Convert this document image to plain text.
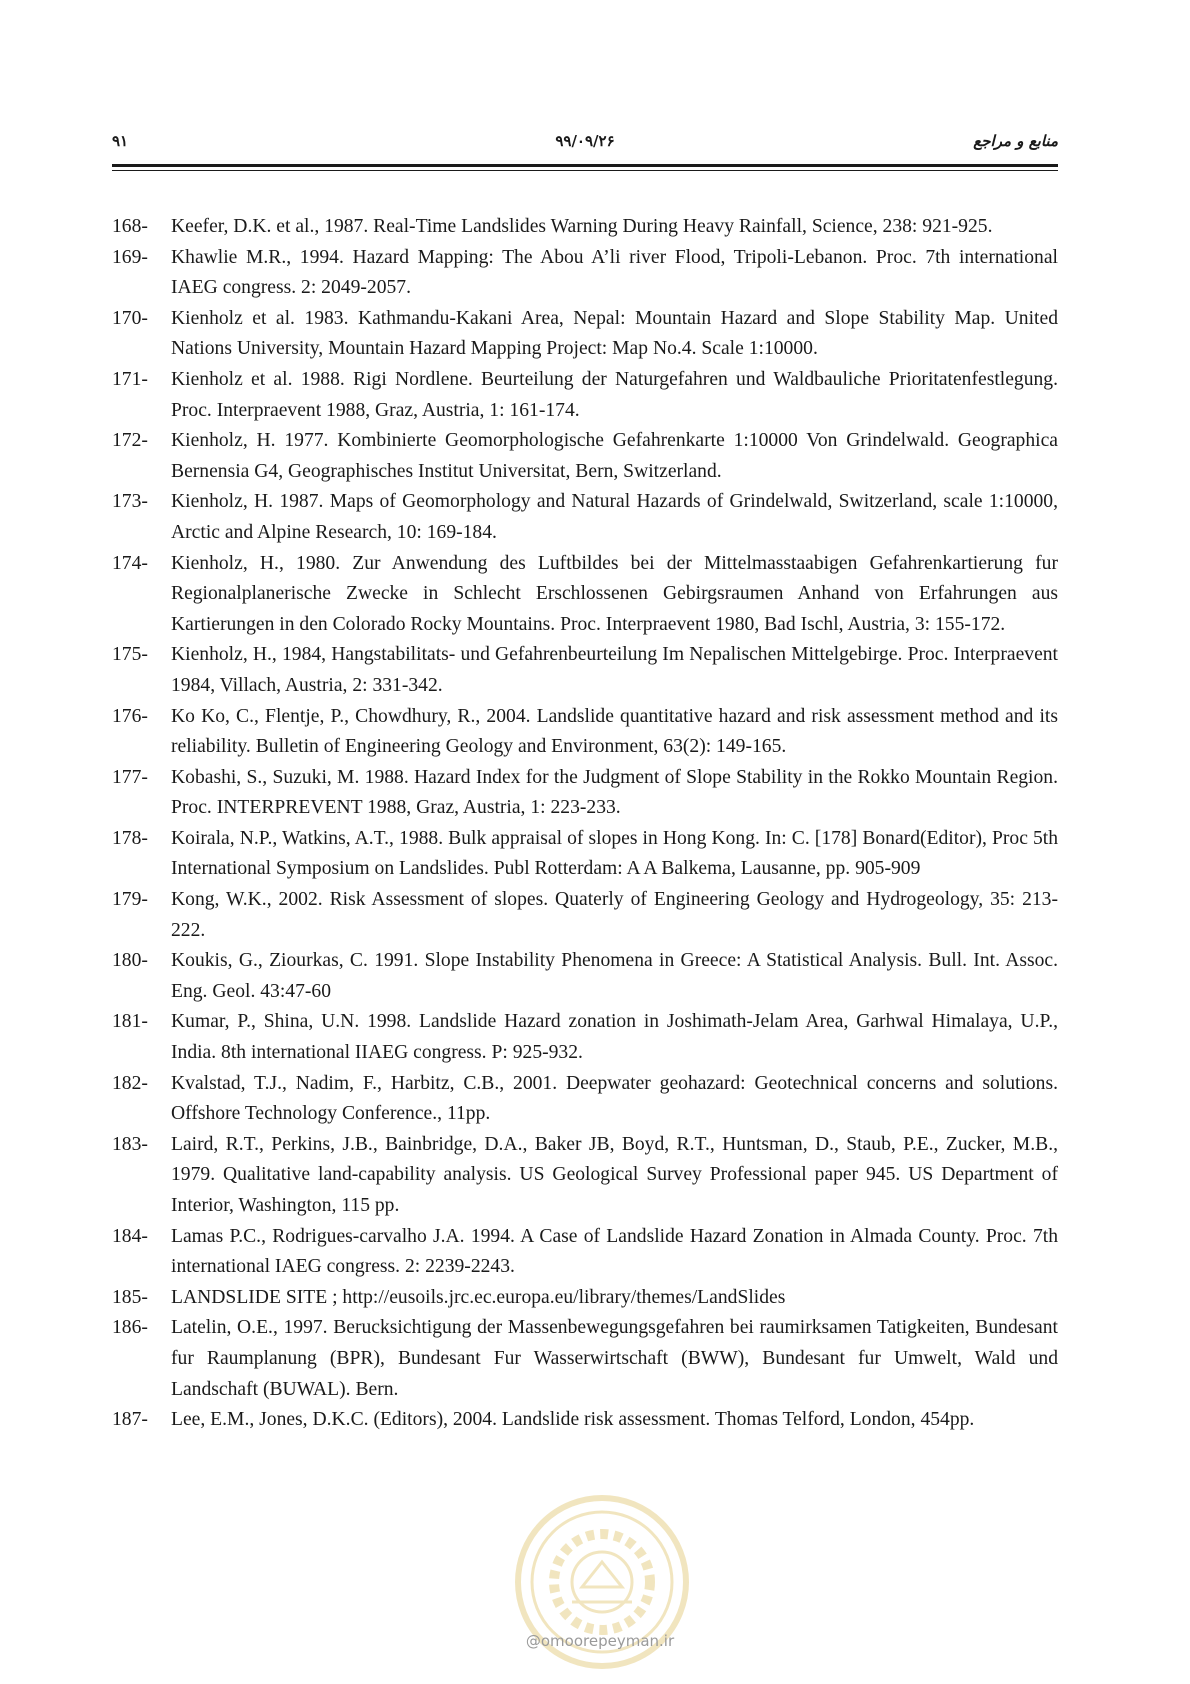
۹۱	۹۹/۰۹/۲۶	منابع و مراجع
168- Keefer, D.K. et al., 1987. Real-Time Landslides Warning During Heavy Rainfall, Science, 238: 921-925.
169- Khawlie M.R., 1994. Hazard Mapping: The Abou A’li river Flood, Tripoli-Lebanon. Proc. 7th international IAEG congress. 2: 2049-2057.
170- Kienholz et al. 1983. Kathmandu-Kakani Area, Nepal: Mountain Hazard and Slope Stability Map. United Nations University, Mountain Hazard Mapping Project: Map No.4. Scale 1:10000.
171- Kienholz et al. 1988. Rigi Nordlene. Beurteilung der Naturgefahren und Waldbauliche Prioritatenfestlegung. Proc. Interpraevent 1988, Graz, Austria, 1: 161-174.
172- Kienholz, H. 1977. Kombinierte Geomorphologische Gefahrenkarte 1:10000 Von Grindelwald. Geographica Bernensia G4, Geographisches Institut Universitat, Bern, Switzerland.
173- Kienholz, H. 1987. Maps of Geomorphology and Natural Hazards of Grindelwald, Switzerland, scale 1:10000, Arctic and Alpine Research, 10: 169-184.
174- Kienholz, H., 1980. Zur Anwendung des Luftbildes bei der Mittelmasstaabigen Gefahrenkartierung fur Regionalplanerische Zwecke in Schlecht Erschlossenen Gebirgsraumen Anhand von Erfahrungen aus Kartierungen in den Colorado Rocky Mountains. Proc. Interpraevent 1980, Bad Ischl, Austria, 3: 155-172.
175- Kienholz, H., 1984, Hangstabilitats- und Gefahrenbeurteilung Im Nepalischen Mittelgebirge. Proc. Interpraevent 1984, Villach, Austria, 2: 331-342.
176- Ko Ko, C., Flentje, P., Chowdhury, R., 2004. Landslide quantitative hazard and risk assessment method and its reliability. Bulletin of Engineering Geology and Environment, 63(2): 149-165.
177- Kobashi, S., Suzuki, M. 1988. Hazard Index for the Judgment of Slope Stability in the Rokko Mountain Region. Proc. INTERPREVENT 1988, Graz, Austria, 1: 223-233.
178- Koirala, N.P., Watkins, A.T., 1988. Bulk appraisal of slopes in Hong Kong. In: C. [178] Bonard(Editor), Proc 5th International Symposium on Landslides. Publ Rotterdam: A A Balkema, Lausanne, pp. 905-909
179- Kong, W.K., 2002. Risk Assessment of slopes. Quaterly of Engineering Geology and Hydrogeology, 35: 213-222.
180- Koukis, G., Ziourkas, C. 1991. Slope Instability Phenomena in Greece: A Statistical Analysis. Bull. Int. Assoc. Eng. Geol. 43:47-60
181- Kumar, P., Shina, U.N. 1998. Landslide Hazard zonation in Joshimath-Jelam Area, Garhwal Himalaya, U.P., India. 8th international IIAEG congress. P: 925-932.
182- Kvalstad, T.J., Nadim, F., Harbitz, C.B., 2001. Deepwater geohazard: Geotechnical concerns and solutions. Offshore Technology Conference., 11pp.
183- Laird, R.T., Perkins, J.B., Bainbridge, D.A., Baker JB, Boyd, R.T., Huntsman, D., Staub, P.E., Zucker, M.B., 1979. Qualitative land-capability analysis. US Geological Survey Professional paper 945. US Department of Interior, Washington, 115 pp.
184- Lamas P.C., Rodrigues-carvalho J.A. 1994. A Case of Landslide Hazard Zonation in Almada County. Proc. 7th international IAEG congress. 2: 2239-2243.
185- LANDSLIDE SITE ; http://eusoils.jrc.ec.europa.eu/library/themes/LandSlides
186- Latelin, O.E., 1997. Berucksichtigung der Massenbewegungsgefahren bei raumirksamen Tatigkeiten, Bundesant fur Raumplanung (BPR), Bundesant Fur Wasserwirtschaft (BWW), Bundesant fur Umwelt, Wald und Landschaft (BUWAL). Bern.
187- Lee, E.M., Jones, D.K.C. (Editors), 2004. Landslide risk assessment. Thomas Telford, London, 454pp.
@omoorepeyman.ir
